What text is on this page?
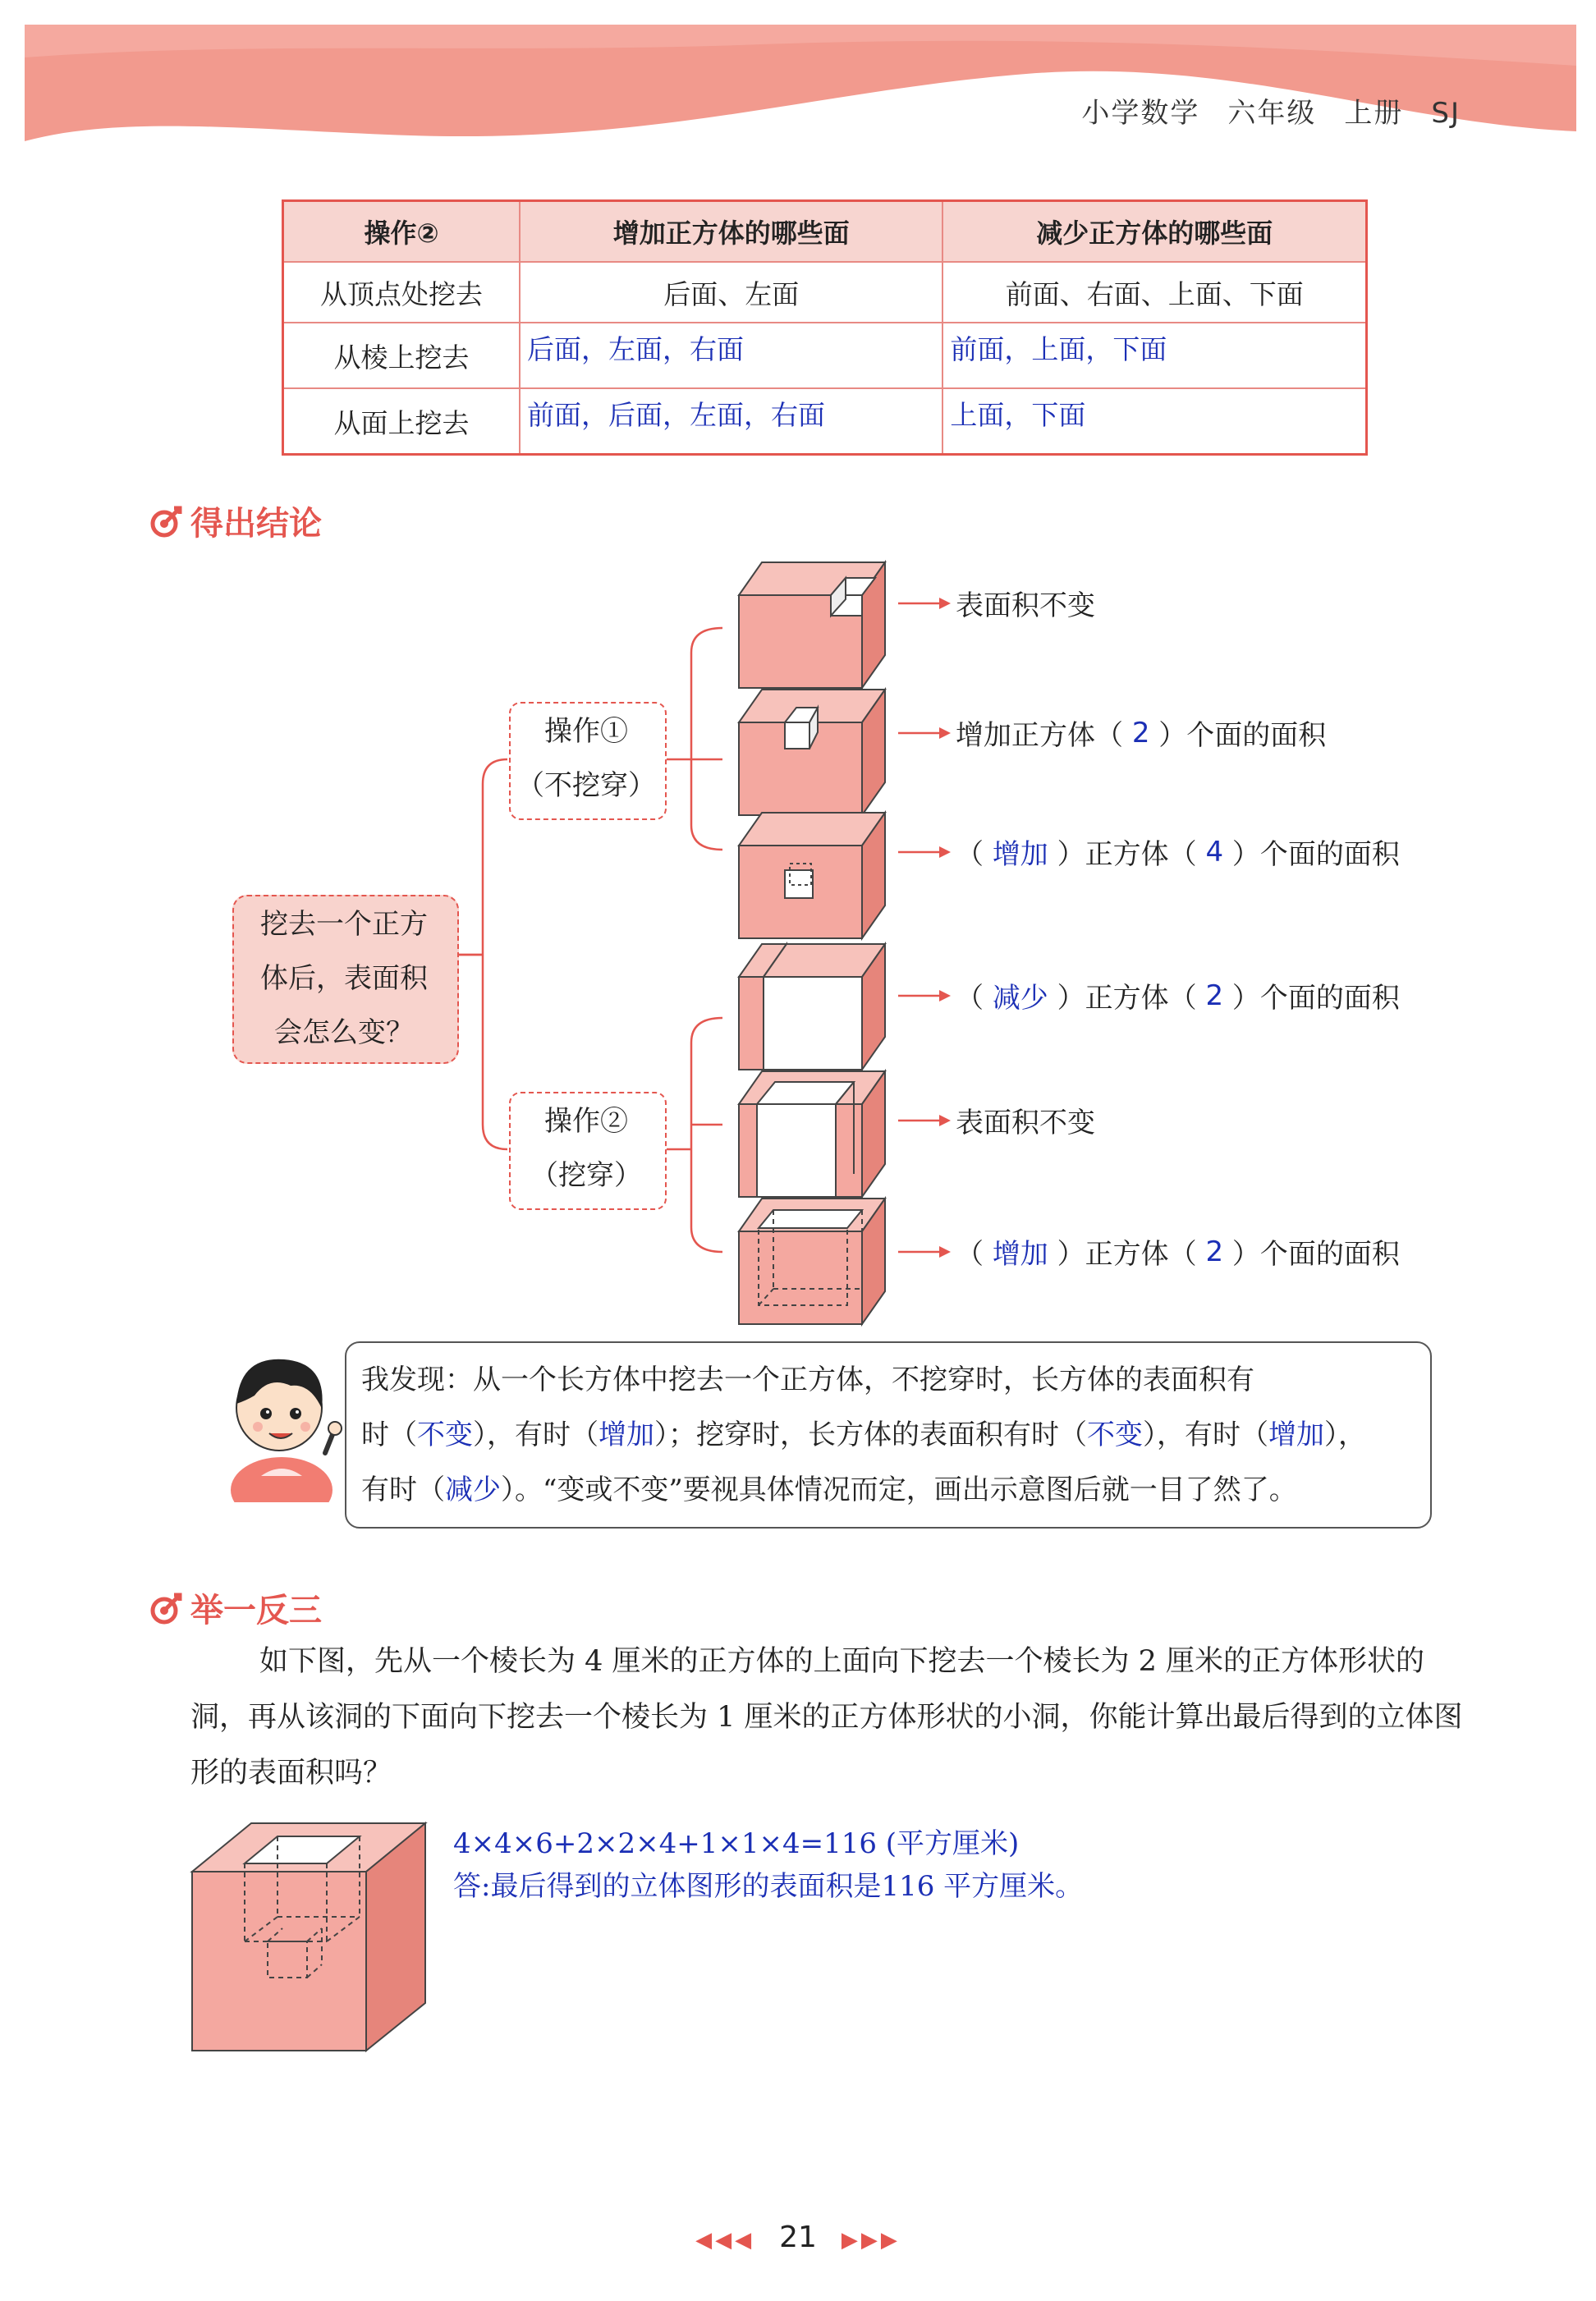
小学数学 六年级 上册 SJ
操作②	增加正方体的哪些面	减少正方体的哪些面
从顶点处挖去	后面、左面	前面、右面、上面、下面
从棱上挖去	后面，左面，右面	前面，上面，下面
从面上挖去	前面，后面，左面，右面	上面，下面
得出结论
挖去一个正方
体后，表面积
会怎么变？
操作①
（不挖穿）
操作②
（挖穿）
表面积不变
增加正方体（ 2 ）个面的面积
（ 增加 ）正方体（ 4 ）个面的面积
（ 减少 ）正方体（ 2 ）个面的面积
表面积不变
（ 增加 ）正方体（ 2 ）个面的面积
我发现：从一个长方体中挖去一个正方体，不挖穿时，长方体的表面积有
时（不变），有时（增加）；挖穿时，长方体的表面积有时（不变），有时（增加），
有时（减少）。“变或不变”要视具体情况而定，画出示意图后就一目了然了。
举一反三
如下图，先从一个棱长为 4 厘米的正方体的上面向下挖去一个棱长为 2 厘米的正方体形状的洞，再从该洞的下面向下挖去一个棱长为 1 厘米的正方体形状的小洞，你能计算出最后得到的立体图形的表面积吗？
4×4×6+2×2×4+1×1×4=116 (平方厘米)
答:最后得到的立体图形的表面积是116 平方厘米。
◀◀◀ 21 ▶▶▶
